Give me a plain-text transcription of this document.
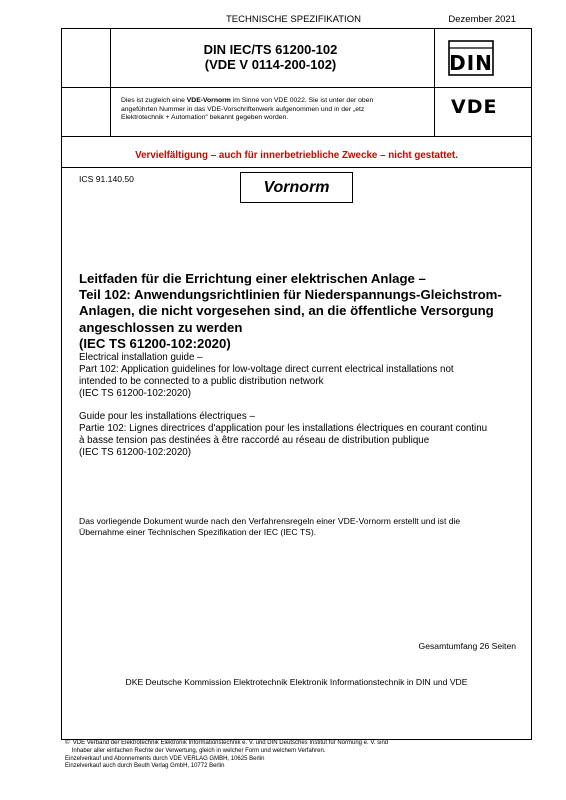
TECHNISCHE SPEZIFIKATION	Dezember 2021
DIN
DIN IEC/TS 61200-102
(VDE V 0114-200-102)
Dies ist zugleich eine VDE-Vornorm im Sinne von VDE 0022. Sie ist unter der oben
angeführten Nummer in das VDE-Vorschriftenwerk aufgenommen und in der „etz
Elektrotechnik + Automation“ bekannt gegeben worden.	VDE
Vervielfältigung – auch für innerbetriebliche Zwecke – nicht gestattet.
ICS 91.140.50	Vornorm
Leitfaden für die Errichtung einer elektrischen Anlage –
Teil 102: Anwendungsrichtlinien für Niederspannungs-Gleichstrom-
Anlagen, die nicht vorgesehen sind, an die öffentliche Versorgung
angeschlossen zu werden
(IEC TS 61200-102:2020)
Electrical installation guide –
Part 102: Application guidelines for low-voltage direct current electrical installations not
intended to be connected to a public distribution network
(IEC TS 61200-102:2020)
Guide pour les installations électriques –
Partie 102: Lignes directrices d'application pour les installations électriques en courant continu
à basse tension pas destinées à être raccordé au réseau de distribution publique
(IEC TS 61200-102:2020)
Das vorliegende Dokument wurde nach den Verfahrensregeln einer VDE-Vornorm erstellt und ist die
Übernahme einer Technischen Spezifikation der IEC (IEC TS).
Gesamtumfang 26 Seiten
DKE Deutsche Kommission Elektrotechnik Elektronik Informationstechnik in DIN und VDE
©  VDE Verband der Elektrotechnik Elektronik Informationstechnik e. V. und DIN Deutsches Institut für Normung e. V. sind
Inhaber aller einfachen Rechte der Verwertung, gleich in welcher Form und welchem Verfahren.
Einzelverkauf und Abonnements durch VDE VERLAG GMBH, 10625 Berlin
Einzelverkauf auch durch Beuth Verlag GmbH, 10772 Berlin
